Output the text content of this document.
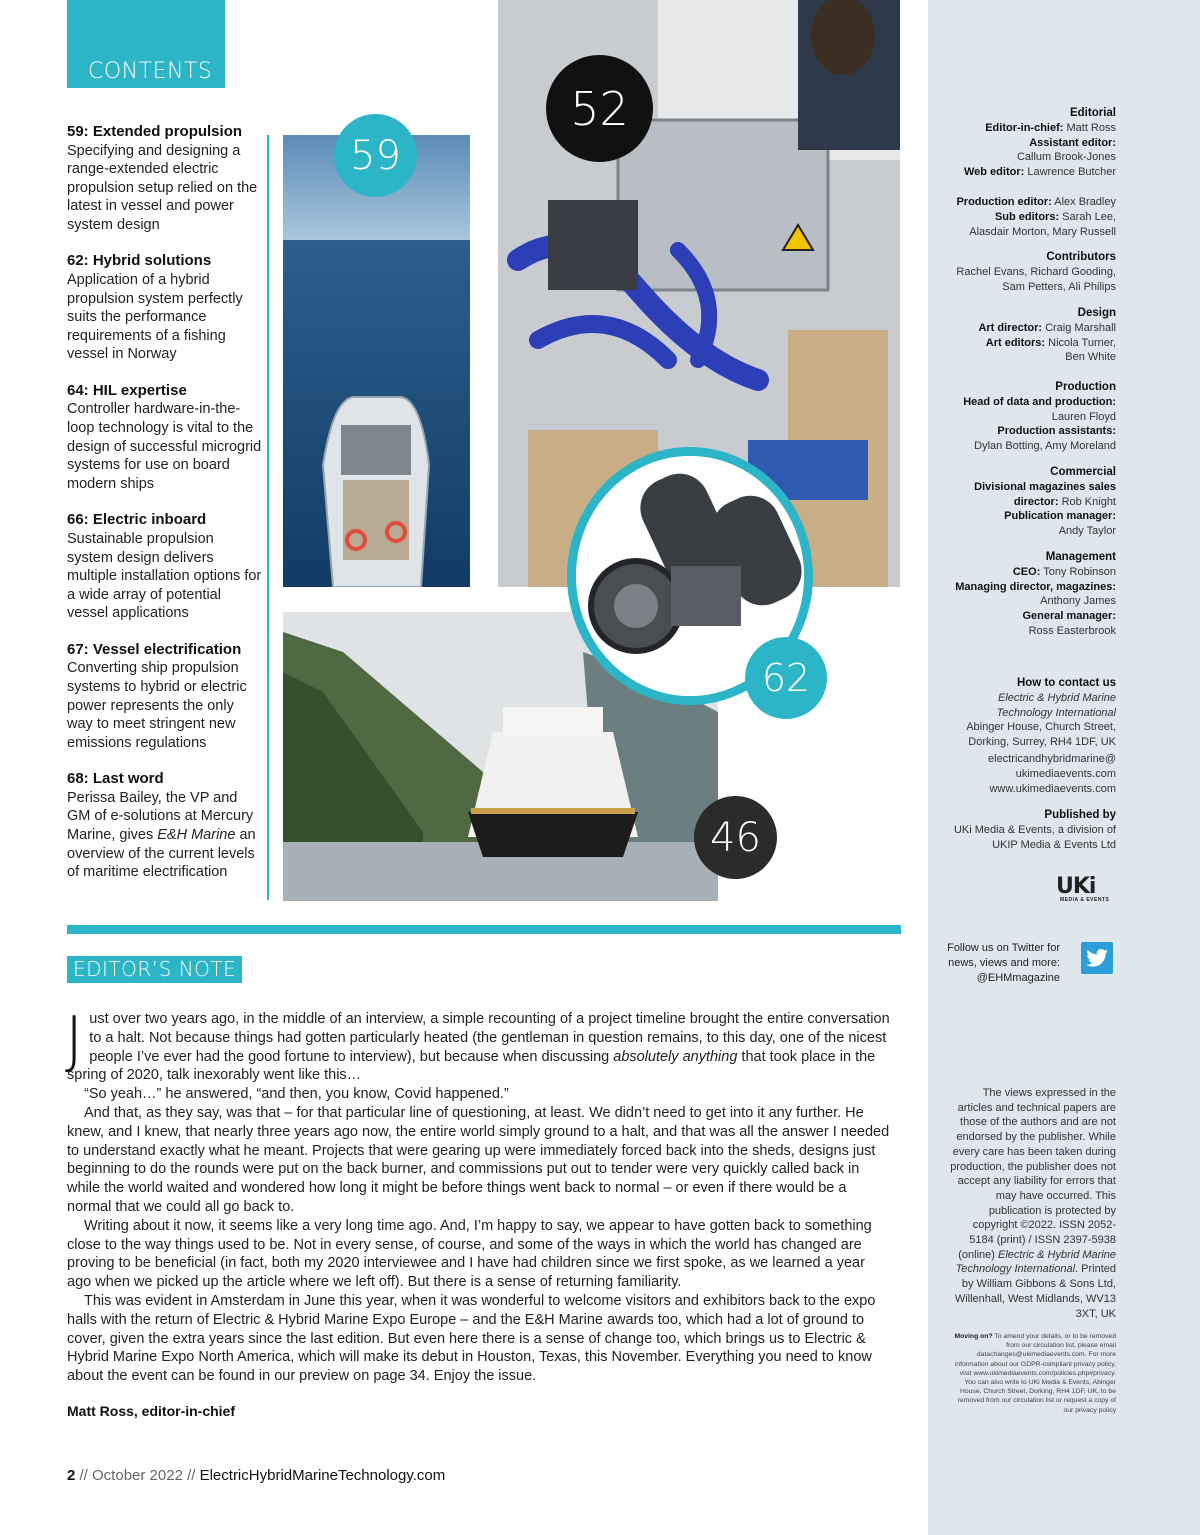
Editorial
Editor-in-chief: Matt Ross
Assistant editor:
Callum Brook-Jones
Web editor: Lawrence Butcher
Production editor: Alex Bradley
Sub editors: Sarah Lee,
Alasdair Morton, Mary Russell
Contributors
Rachel Evans, Richard Gooding,
Sam Petters, Ali Philips
Design
Art director: Craig Marshall
Art editors: Nicola Turner,
Ben White
Production
Head of data and production:
Lauren Floyd
Production assistants:
Dylan Botting, Amy Moreland
Commercial
Divisional magazines sales
director: Rob Knight
Publication manager:
Andy Taylor
Management
CEO: Tony Robinson
Managing director, magazines:
Anthony James
General manager:
Ross Easterbrook
How to contact us
Electric & Hybrid Marine
Technology International
Abinger House, Church Street,
Dorking, Surrey, RH4 1DF, UK
electricandhybridmarine@
ukimediaevents.com
www.ukimediaevents.com
Published by
UKi Media & Events, a division of
UKIP Media & Events Ltd
UKi
MEDIA & EVENTS
Follow us on Twitter for
news, views and more:
@EHMmagazine
The views expressed in the articles and technical papers are those of the authors and are not endorsed by the publisher. While every care has been taken during production, the publisher does not accept any liability for errors that may have occurred. This publication is protected by copyright ©2022. ISSN 2052-5184 (print) / ISSN 2397-5938 (online) Electric & Hybrid Marine Technology International. Printed by William Gibbons & Sons Ltd, Willenhall, West Midlands, WV13 3XT, UK
Moving on? To amend your details, or to be removed from our circulation list, please email datachanges@ukimediaevents.com. For more information about our GDPR-compliant privacy policy, visit www.ukimediaevents.com/policies.php#privacy. You can also write to UKi Media & Events, Abinger House, Church Street, Dorking, RH4 1DF, UK, to be removed from our circulation list or request a copy of our privacy policy
CONTENTS
59: Extended propulsion
Specifying and designing a range-extended electric propulsion setup relied on the latest in vessel and power system design
62: Hybrid solutions
Application of a hybrid propulsion system perfectly suits the performance requirements of a fishing vessel in Norway
64: HIL expertise
Controller hardware-in-the-loop technology is vital to the design of successful microgrid systems for use on board modern ships
66: Electric inboard
Sustainable propulsion system design delivers multiple installation options for a wide array of potential vessel applications
67: Vessel electrification
Converting ship propulsion systems to hybrid or electric power represents the only way to meet stringent new emissions regulations
68: Last word
Perissa Bailey, the VP and GM of e-solutions at Mercury Marine, gives E&H Marine an overview of the current levels of maritime electrification
59
52
46
62
EDITOR’S NOTE

Just over two years ago, in the middle of an interview, a simple recounting of a project timeline brought the entire conversation to a halt. Not because things had gotten particularly heated (the gentleman in question remains, to this day, one of the nicest people I’ve ever had the good fortune to interview), but because when discussing absolutely anything that took place in the spring of 2020, talk inexorably went like this…

“So yeah…” he answered, “and then, you know, Covid happened.”

And that, as they say, was that – for that particular line of questioning, at least. We didn’t need to get into it any further. He knew, and I knew, that nearly three years ago now, the entire world simply ground to a halt, and that was all the answer I needed to understand exactly what he meant. Projects that were gearing up were immediately forced back into the sheds, designs just beginning to do the rounds were put on the back burner, and commissions put out to tender were very quickly called back in while the world waited and wondered how long it might be before things went back to normal – or even if there would be a normal that we could all go back to.

Writing about it now, it seems like a very long time ago. And, I’m happy to say, we appear to have gotten back to something close to the way things used to be. Not in every sense, of course, and some of the ways in which the world has changed are proving to be beneficial (in fact, both my 2020 interviewee and I have had children since we first spoke, as we learned a year ago when we picked up the article where we left off). But there is a sense of returning familiarity.

This was evident in Amsterdam in June this year, when it was wonderful to welcome visitors and exhibitors back to the expo halls with the return of Electric & Hybrid Marine Expo Europe – and the E&H Marine awards too, which had a lot of ground to cover, given the extra years since the last edition. But even here there is a sense of change too, which brings us to Electric & Hybrid Marine Expo North America, which will make its debut in Houston, Texas, this November. Everything you need to know about the event can be found in our preview on page 34. Enjoy the issue.

Matt Ross, editor-in-chief
2 // October 2022 // ElectricHybridMarineTechnology.com
